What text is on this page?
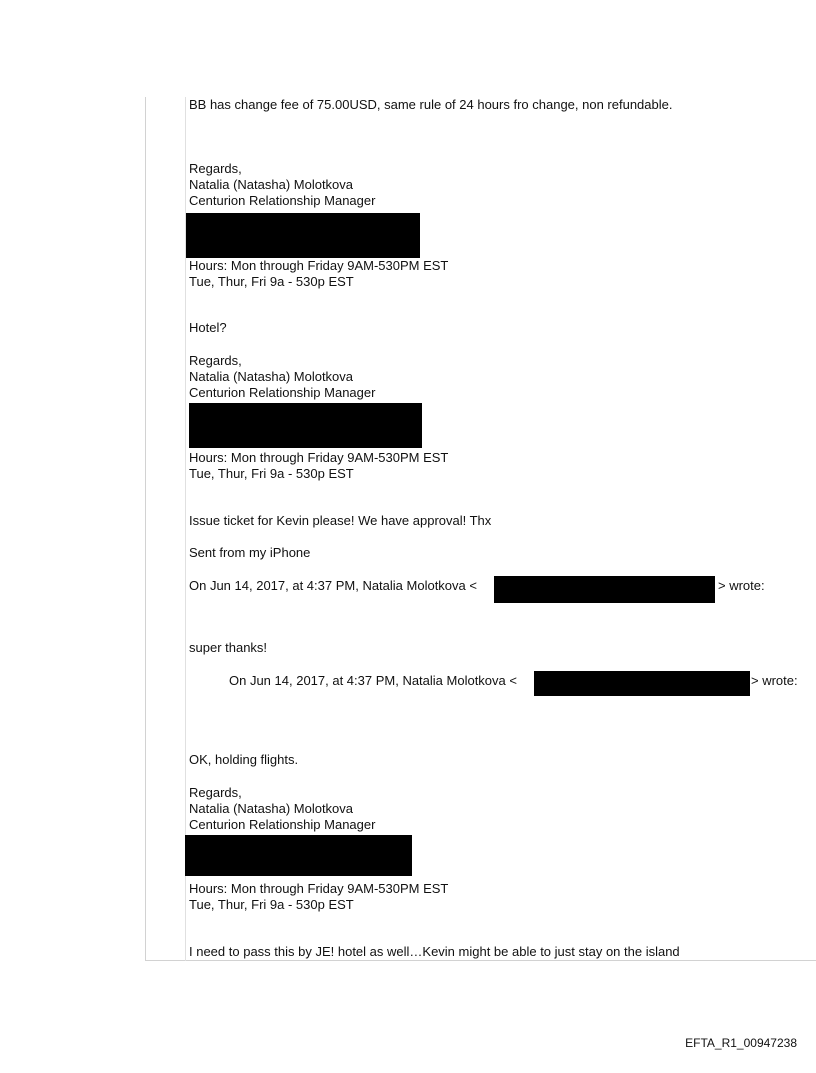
BB has change fee of 75.00USD, same rule of 24 hours fro change, non refundable.
Regards,
Natalia (Natasha) Molotkova
Centurion Relationship Manager
Hours: Mon through Friday 9AM-530PM EST
Tue, Thur, Fri 9a - 530p EST
Hotel?
Regards,
Natalia (Natasha) Molotkova
Centurion Relationship Manager
Hours: Mon through Friday 9AM-530PM EST
Tue, Thur, Fri 9a - 530p EST
Issue ticket for Kevin please! We have approval! Thx
Sent from my iPhone
On Jun 14, 2017, at 4:37 PM, Natalia Molotkova <	> wrote:
super thanks!
On Jun 14, 2017, at 4:37 PM, Natalia Molotkova <	> wrote:
OK, holding flights.
Regards,
Natalia (Natasha) Molotkova
Centurion Relationship Manager
Hours: Mon through Friday 9AM-530PM EST
Tue, Thur, Fri 9a - 530p EST
I need to pass this by JE! hotel as well…Kevin might be able to just stay on the island
EFTA_R1_00947238
